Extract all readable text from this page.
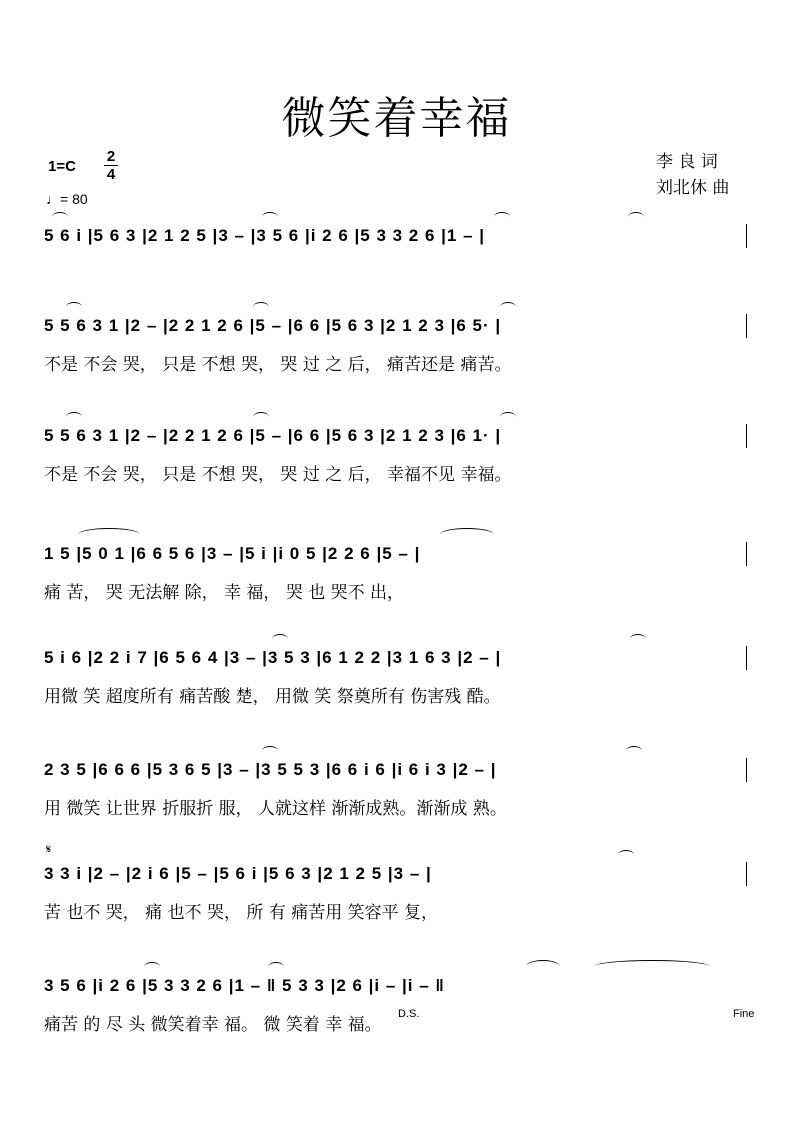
微笑着幸福
1=C
2
4
♩= 80
李 良 词
刘北休 曲
5 6 i |5 6 3 |2 1 2 5 |3 – |3 5 6 |i 2 6 |5 3 3 2 6 |1 – |
5 5 6 3 1 |2 – |2 2 1 2 6 |5 – |6 6 |5 6 3 |2 1 2 3 |6 5· |
不是 不会 哭， 只是 不想 哭， 哭 过 之 后， 痛苦还是 痛苦。
5 5 6 3 1 |2 – |2 2 1 2 6 |5 – |6 6 |5 6 3 |2 1 2 3 |6 1· |
不是 不会 哭， 只是 不想 哭， 哭 过 之 后， 幸福不见 幸福。
1 5 |5 0 1 |6 6 5 6 |3 – |5 i |i 0 5 |2 2 6 |5 – |
痛 苦， 哭 无法解 除， 幸 福， 哭 也 哭不 出，
5 i 6 |2 2 i 7 |6 5 6 4 |3 – |3 5 3 |6 1 2 2 |3 1 6 3 |2 – |
用微 笑 超度所有 痛苦酸 楚， 用微 笑 祭奠所有 伤害残 酷。
2 3 5 |6 6 6 |5 3 6 5 |3 – |3 5 5 3 |6 6 i 6 |i 6 i 3 |2 – |
用 微笑 让世界 折服折 服， 人就这样 渐渐成熟。渐渐成 熟。
𝄋
3 3 i |2 – |2 i 6 |5 – |5 6 i |5 6 3 |2 1 2 5 |3 – |
苦 也不 哭， 痛 也不 哭， 所 有 痛苦用 笑容平 复，
3 5 6 |i 2 6 |5 3 3 2 6 |1 – ‖ 5 3 3 |2 6 |i – |i – ‖
痛苦 的 尽 头 微笑着幸 福。 微 笑着 幸 福。
D.S.	Fine
